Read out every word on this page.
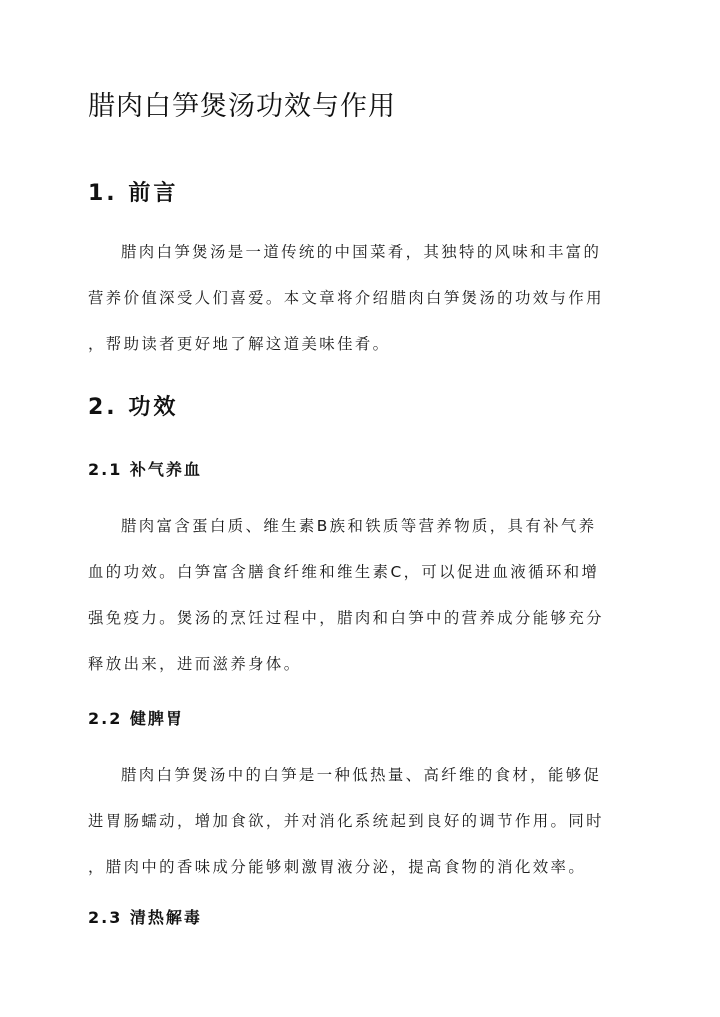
腊肉白笋煲汤功效与作用
1. 前言
腊肉白笋煲汤是一道传统的中国菜肴，其独特的风味和丰富的
营养价值深受人们喜爱。本文章将介绍腊肉白笋煲汤的功效与作用
，帮助读者更好地了解这道美味佳肴。
2. 功效
2.1 补气养血
腊肉富含蛋白质、维生素B族和铁质等营养物质，具有补气养
血的功效。白笋富含膳食纤维和维生素C，可以促进血液循环和增
强免疫力。煲汤的烹饪过程中，腊肉和白笋中的营养成分能够充分
释放出来，进而滋养身体。
2.2 健脾胃
腊肉白笋煲汤中的白笋是一种低热量、高纤维的食材，能够促
进胃肠蠕动，增加食欲，并对消化系统起到良好的调节作用。同时
，腊肉中的香味成分能够刺激胃液分泌，提高食物的消化效率。
2.3 清热解毒
